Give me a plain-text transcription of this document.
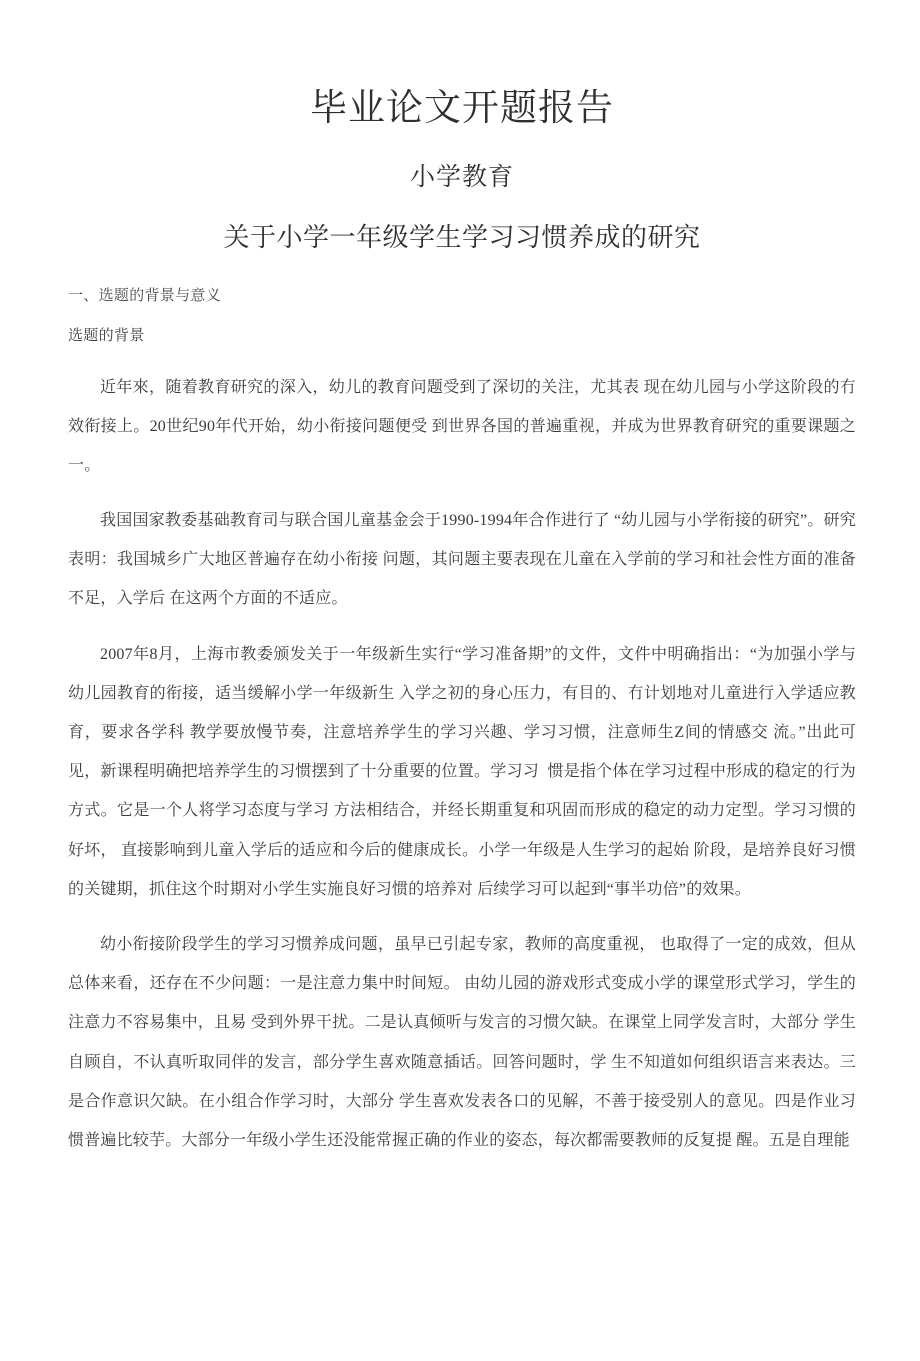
毕业论文开题报告
小学教育
关于小学一年级学生学习习惯养成的研究
一、选题的背景与意义
选题的背景

近年來，随着教育研究的深入，幼儿的教育问题受到了深切的关注，尤其表 现在幼儿园与小学这阶段的冇效衔接上。20世纪90年代开始，幼小衔接问题便受 到世界各国的普遍重视，并成为世界教育研究的重要课题之一。

我国国家教委基础教育司与联合国儿童基金会于1990-1994年合作进行了 “幼儿园与小学衔接的研究”。研究表明：我国城乡广大地区普遍存在幼小衔接 问题，其问题主要表现在儿童在入学前的学习和社会性方面的准备不足，入学后 在这两个方面的不适应。

2007年8月，上海市教委颁发关于一年级新生实行“学习准备期”的文件，文件中明确指出：“为加强小学与幼儿园教育的衔接，适当缓解小学一年级新生 入学之初的身心压力，有目的、冇计划地对儿童进行入学适应教育，要求各学科 教学要放慢节奏，注意培养学生的学习兴趣、学习习惯，注意师生Z间的情感交 流。”出此可见，新课程明确把培养学生的习惯摆到了十分重要的位置。学习习  惯是指个体在学习过程中形成的稳定的行为方式。它是一个人将学习态度与学习 方法相结合，并经长期重复和巩固而形成的稳定的动力定型。学习习惯的好坏， 直接影响到儿童入学后的适应和今后的健康成长。小学一年级是人生学习的起始 阶段，是培养良好习惯的关键期，抓住这个时期对小学生实施良好习惯的培养对 后续学习可以起到“事半功倍”的效果。

幼小衔接阶段学生的学习习惯养成问题，虽早已引起专家，教师的高度重视， 也取得了一定的成效，但从总体来看，还存在不少问题：一是注意力集中时间短。 由幼儿园的游戏形式变成小学的课堂形式学习，学生的注意力不容易集中，且易 受到外界干扰。二是认真倾听与发言的习惯欠缺。在课堂上同学发言时，大部分 学生自顾自，不认真听取同伴的发言，部分学生喜欢随意插话。回答问题时，学 生不知道如何组织语言来表达。三是合作意识欠缺。在小组合作学习时，大部分 学生喜欢发表各口的见解，不善于接受别人的意见。四是作业习惯普遍比较芋。大部分一年级小学生还没能常握正确的作业的姿态，每次都需要教师的反复提 醒。五是自理能
